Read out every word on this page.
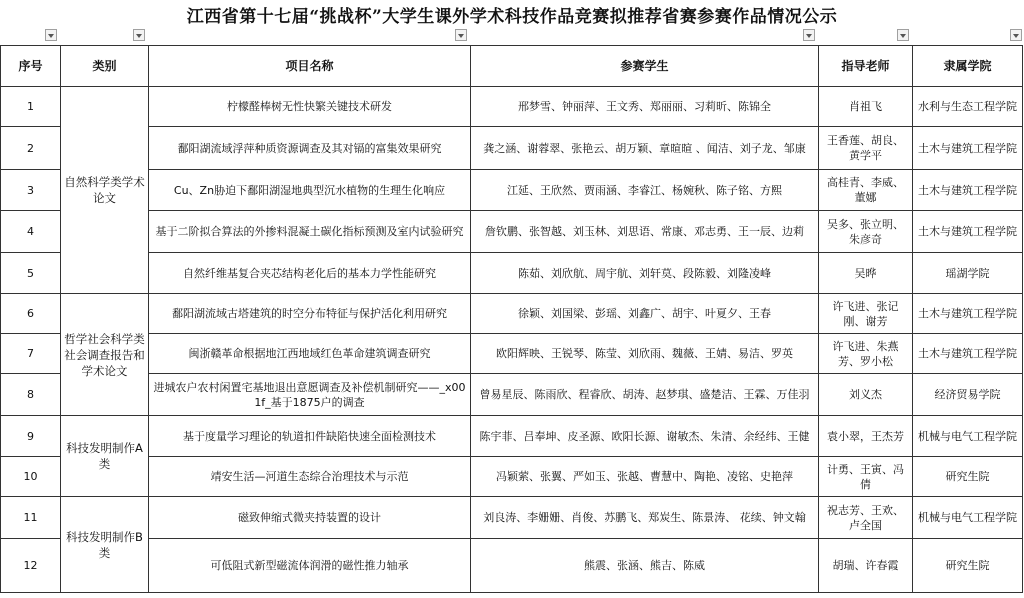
江西省第十七届“挑战杯”大学生课外学术科技作品竞赛拟推荐省赛参赛作品情况公示
序号	类别	项目名称	参赛学生	指导老师	隶属学院
1	自然科学类学术论文	柠檬醛棒树无性快繁关键技术研发	邢梦雪、钟丽萍、王文秀、郑丽丽、习莉昕、陈锦全	肖祖飞	水利与生态工程学院
2		鄱阳湖流域浮萍种质资源调查及其对镉的富集效果研究	龚之涵、谢蓉翠、张艳云、胡万颖、章暄暄 、闻洁、刘子龙、邹康	王香莲、胡良、黄学平	土木与建筑工程学院
3		Cu、Zn胁迫下鄱阳湖湿地典型沉水植物的生理生化响应	江延、王欣然、贾雨涵、李睿江、杨婉秋、陈子铭、方熙	高桂青、李威、董娜	土木与建筑工程学院
4		基于二阶拟合算法的外掺料混凝土碳化指标预测及室内试验研究	詹钦鹏、张智越、刘玉林、刘思语、常康、邓志勇、王一辰、边莉	吴多、张立明、朱彦奇	土木与建筑工程学院
5		自然纤维基复合夹芯结构老化后的基本力学性能研究	陈茹、刘欣航、周宇航、刘轩莫、段陈毅、刘隆凌峰	吴晔	瑶湖学院
6	哲学社会科学类社会调查报告和学术论文	鄱阳湖流域古塔建筑的时空分布特征与保护活化利用研究	徐颖、刘国梁、彭瑶、刘鑫广、胡宇、叶夏夕、王春	许飞进、张记刚、谢芳	土木与建筑工程学院
7		闽浙赣革命根据地江西地域红色革命建筑调查研究	欧阳辉映、王锐琴、陈莹、刘欣雨、魏薇、王婧、易洁、罗英	许飞进、朱燕芳、罗小松	土木与建筑工程学院
8		进城农户农村闲置宅基地退出意愿调查及补偿机制研究——_x001f_基于1875户的调查	曾易星辰、陈雨欣、程睿欣、胡涛、赵梦琪、盛楚洁、王霖、万佳羽	刘义杰	经济贸易学院
9	科技发明制作A类	基于度量学习理论的轨道扣件缺陷快速全面检测技术	陈宇菲、吕奉坤、皮圣源、欧阳长源、谢敏杰、朱清、余经纬、王健	袁小翠，王杰芳	机械与电气工程学院
10		靖安生活—河道生态综合治理技术与示范	冯颖萦、张翼、严如玉、张越、曹慧中、陶艳、凌铭、史艳萍	计勇、王寅、冯倩	研究生院
11	科技发明制作B类	磁致伸缩式微夹持装置的设计	刘良涛、李姗姗、肖俊、苏鹏飞、郑炭生、陈景涛、 花续、钟文翰	祝志芳、王欢、卢全国	机械与电气工程学院
12		可低阻式新型磁流体润滑的磁性推力轴承	熊震、张涵、熊吉、陈威	胡瑞、许春霞	研究生院
